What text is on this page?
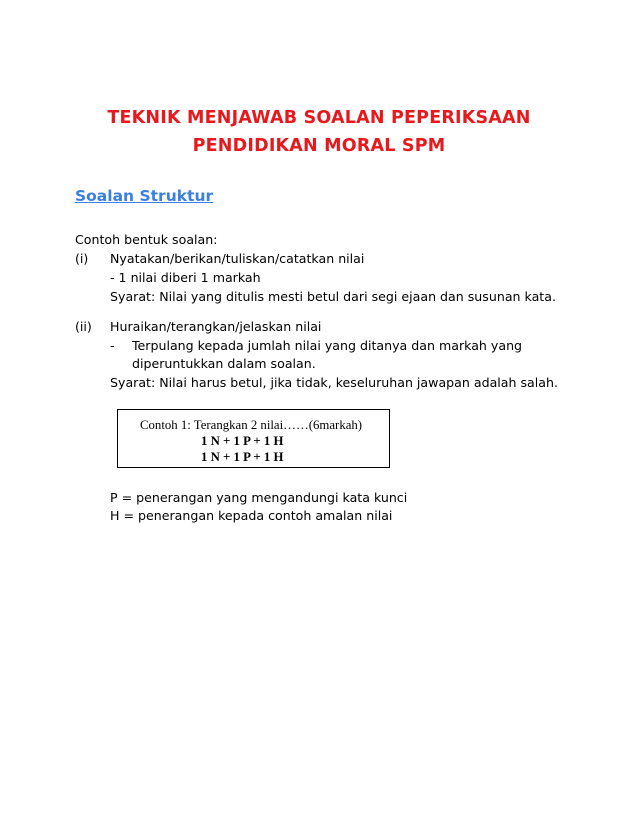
TEKNIK MENJAWAB SOALAN PEPERIKSAAN
PENDIDIKAN MORAL SPM
Soalan Struktur
Contoh bentuk soalan:
(i) Nyatakan/berikan/tuliskan/catatkan nilai
- 1 nilai diberi 1 markah
Syarat: Nilai yang ditulis mesti betul dari segi ejaan dan susunan kata.
(ii) Huraikan/terangkan/jelaskan nilai
- Terpulang kepada jumlah nilai yang ditanya dan markah yang
diperuntukkan dalam soalan.
Syarat: Nilai harus betul, jika tidak, keseluruhan jawapan adalah salah.
Contoh 1: Terangkan 2 nilai……(6markah)
1 N + 1 P + 1 H
1 N + 1 P + 1 H
P = penerangan yang mengandungi kata kunci
H = penerangan kepada contoh amalan nilai
